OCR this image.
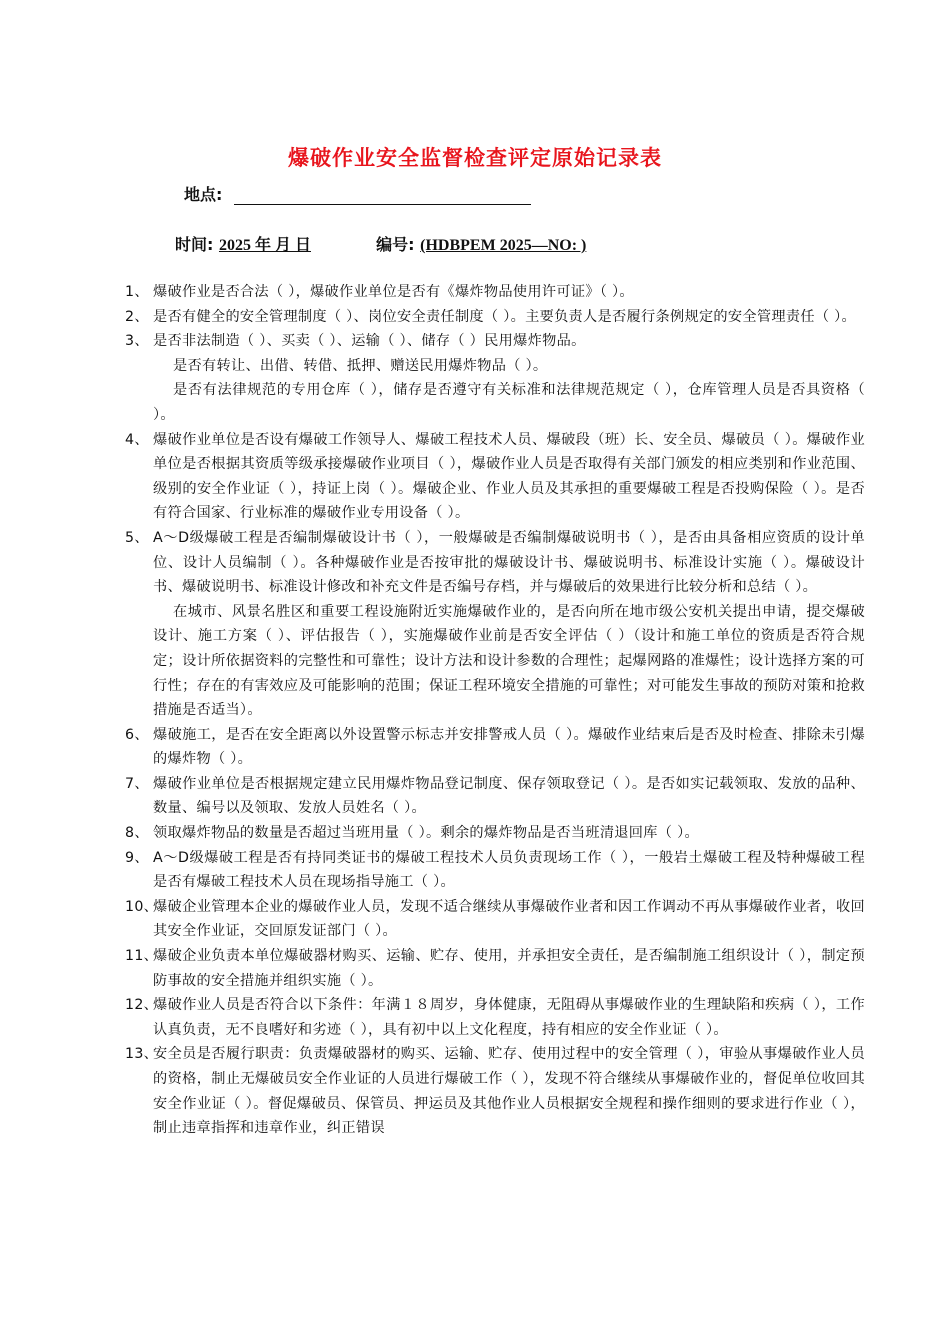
爆破作业安全监督检查评定原始记录表
地点:
时间: 2025 年 月 日	编号: (HDBPEM 2025—NO: )
1、 爆破作业是否合法（ ），爆破作业单位是否有《爆炸物品使用许可证》（ ）。

2、 是否有健全的安全管理制度（ ）、岗位安全责任制度（ ）。主要负责人是否履行条例规定的安全管理责任（ ）。

3、 是否非法制造（ ）、买卖（ ）、运输（ ）、储存（ ）民用爆炸物品。

是否有转让、出借、转借、抵押、赠送民用爆炸物品（ ）。

是否有法律规范的专用仓库（ ），储存是否遵守有关标准和法律规范规定（ ），仓库管理人员是否具资格（ ）。

4、 爆破作业单位是否设有爆破工作领导人、爆破工程技术人员、爆破段（班）长、安全员、爆破员（ ）。爆破作业单位是否根据其资质等级承接爆破作业项目（ ），爆破作业人员是否取得有关部门颁发的相应类别和作业范围、级别的安全作业证（ ），持证上岗（ ）。爆破企业、作业人员及其承担的重要爆破工程是否投购保险（ ）。是否有符合国家、行业标准的爆破作业专用设备（ ）。

5、 A～D级爆破工程是否编制爆破设计书（ ），一般爆破是否编制爆破说明书（ ），是否由具备相应资质的设计单位、设计人员编制（ ）。各种爆破作业是否按审批的爆破设计书、爆破说明书、标准设计实施（ ）。爆破设计书、爆破说明书、标准设计修改和补充文件是否编号存档，并与爆破后的效果进行比较分析和总结（ ）。

在城市、风景名胜区和重要工程设施附近实施爆破作业的，是否向所在地市级公安机关提出申请，提交爆破设计、施工方案（ ）、评估报告（ ），实施爆破作业前是否安全评估（ ）（设计和施工单位的资质是否符合规定；设计所依据资料的完整性和可靠性；设计方法和设计参数的合理性；起爆网路的准爆性；设计选择方案的可行性；存在的有害效应及可能影响的范围；保证工程环境安全措施的可靠性；对可能发生事故的预防对策和抢救措施是否适当）。

6、 爆破施工，是否在安全距离以外设置警示标志并安排警戒人员（ ）。爆破作业结束后是否及时检查、排除未引爆的爆炸物（ ）。

7、 爆破作业单位是否根据规定建立民用爆炸物品登记制度、保存领取登记（ ）。是否如实记载领取、发放的品种、数量、编号以及领取、发放人员姓名（ ）。

8、 领取爆炸物品的数量是否超过当班用量（ ）。剩余的爆炸物品是否当班清退回库（ ）。

9、 A～D级爆破工程是否有持同类证书的爆破工程技术人员负责现场工作（ ），一般岩土爆破工程及特种爆破工程是否有爆破工程技术人员在现场指导施工（ ）。

10、

爆破企业管理本企业的爆破作业人员，发现不适合继续从事爆破作业者和因工作调动不再从事爆破作业者，收回其安全作业证，交回原发证部门（ ）。

11、

爆破企业负责本单位爆破器材购买、运输、贮存、使用，并承担安全责任，是否编制施工组织设计（ ），制定预防事故的安全措施并组织实施（ ）。

12、

爆破作业人员是否符合以下条件：年满１８周岁，身体健康，无阻碍从事爆破作业的生理缺陷和疾病（ ），工作认真负责，无不良嗜好和劣迹（ ），具有初中以上文化程度，持有相应的安全作业证（ ）。

13、

安全员是否履行职责：负责爆破器材的购买、运输、贮存、使用过程中的安全管理（ ），审验从事爆破作业人员的资格，制止无爆破员安全作业证的人员进行爆破工作（ ），发现不符合继续从事爆破作业的，督促单位收回其安全作业证（ ）。督促爆破员、保管员、押运员及其他作业人员根据安全规程和操作细则的要求进行作业（ ），制止违章指挥和违章作业，纠正错误
